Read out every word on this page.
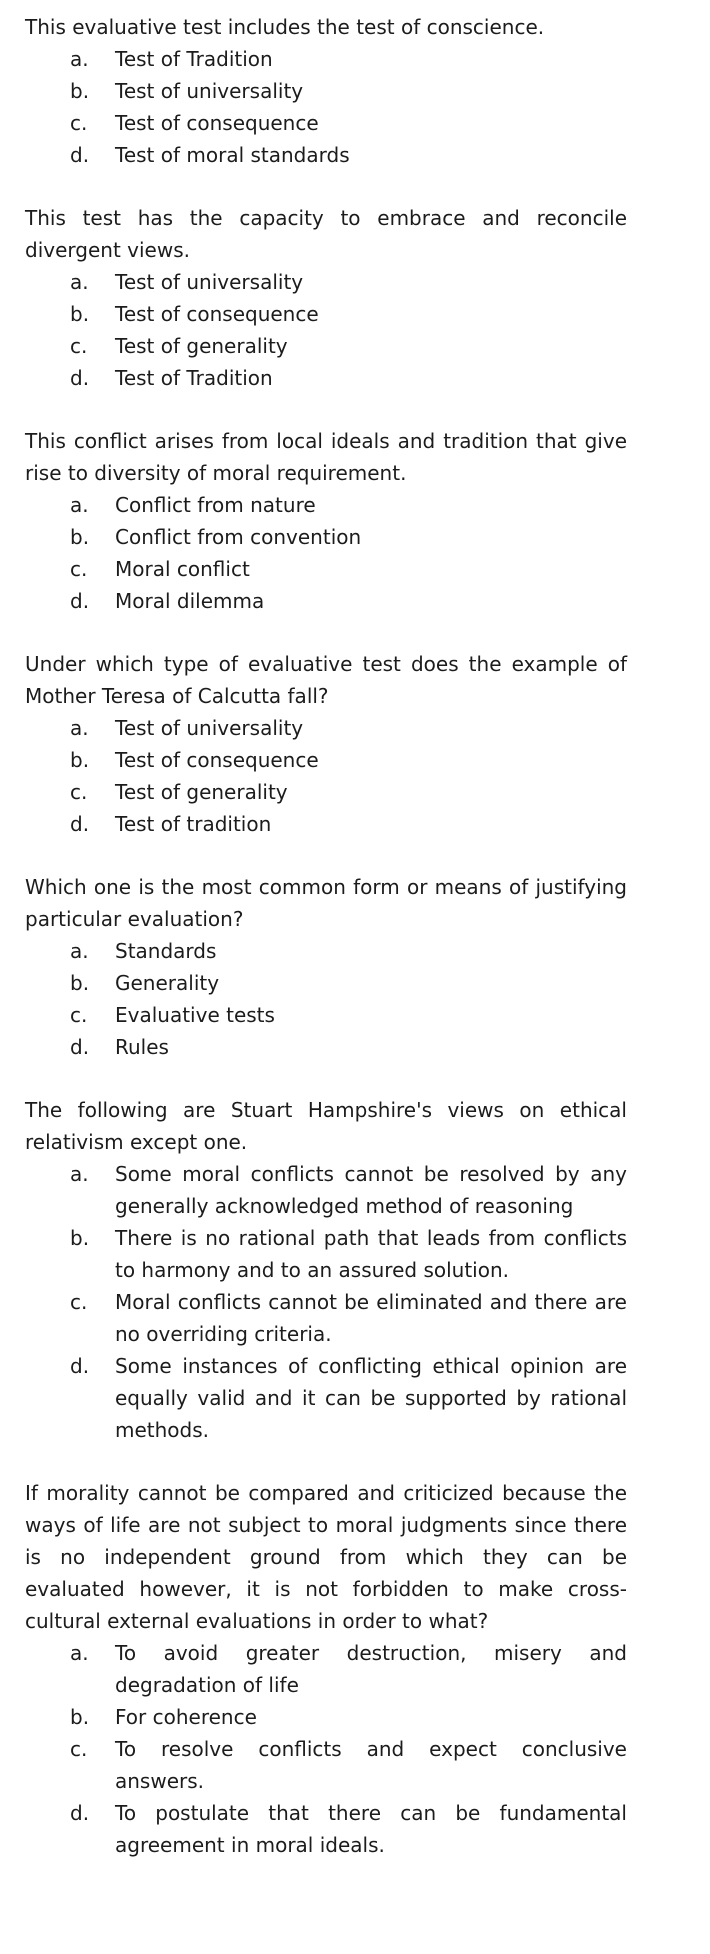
This evaluative test includes the test of conscience.

a.	Test of Tradition
b.	Test of universality
c.	Test of consequence
d.	Test of moral standards

This test has the capacity to embrace and reconcile divergent views.

a.	Test of universality
b.	Test of consequence
c.	Test of generality
d.	Test of Tradition

This conflict arises from local ideals and tradition that give rise to diversity of moral requirement.

a.	Conflict from nature
b.	Conflict from convention
c.	Moral conflict
d.	Moral dilemma

Under which type of evaluative test does the example of Mother Teresa of Calcutta fall?

a.	Test of universality
b.	Test of consequence
c.	Test of generality
d.	Test of tradition

Which one is the most common form or means of justifying particular evaluation?

a.	Standards
b.	Generality
c.	Evaluative tests
d.	Rules

The following are Stuart Hampshire's views on ethical relativism except one.

a.	Some moral conflicts cannot be resolved by any generally acknowledged method of reasoning
b.	There is no rational path that leads from conflicts to harmony and to an assured solution.
c.	Moral conflicts cannot be eliminated and there are no overriding criteria.
d.	Some instances of conflicting ethical opinion are equally valid and it can be supported by rational methods.

If morality cannot be compared and criticized because the ways of life are not subject to moral judgments since there is no independent ground from which they can be evaluated however, it is not forbidden to make cross-cultural external evaluations in order to what?

a.	To avoid greater destruction, misery and degradation of life
b.	For coherence
c.	To resolve conflicts and expect conclusive answers.
d.	To postulate that there can be fundamental agreement in moral ideals.
